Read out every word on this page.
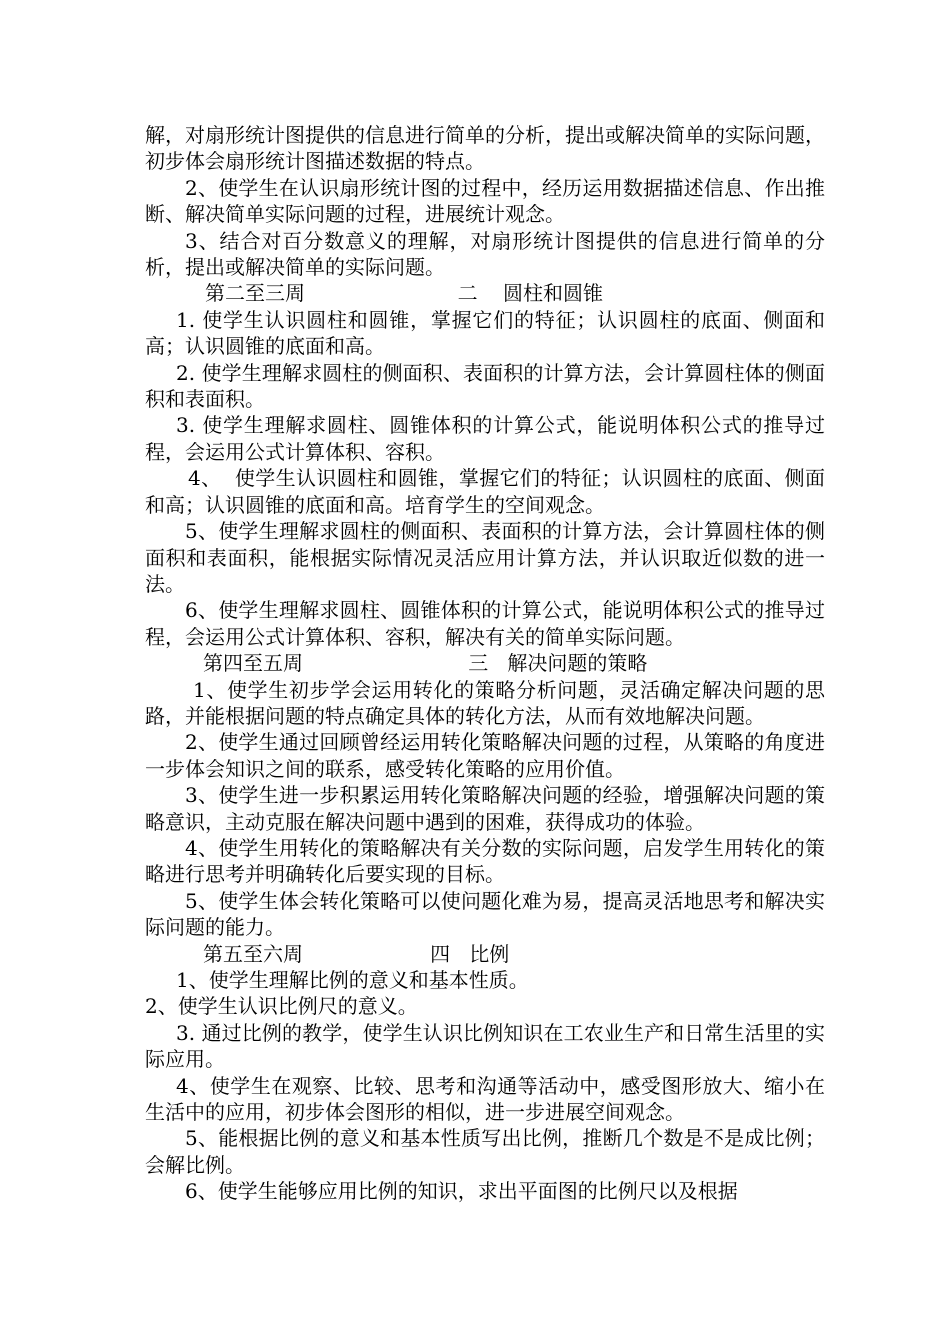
解，对扇形统计图提供的信息进行简单的分析，提出或解决简单的实际问题，初步体会扇形统计图描述数据的特点。

2、使学生在认识扇形统计图的过程中，经历运用数据描述信息、作出推断、解决简单实际问题的过程，进展统计观念。

3、结合对百分数意义的理解，对扇形统计图提供的信息进行简单的分析，提出或解决简单的实际问题。

第二至三周                        二    圆柱和圆锥

1. 使学生认识圆柱和圆锥，掌握它们的特征；认识圆柱的底面、侧面和高；认识圆锥的底面和高。

2. 使学生理解求圆柱的侧面积、表面积的计算方法，会计算圆柱体的侧面积和表面积。

3. 使学生理解求圆柱、圆锥体积的计算公式，能说明体积公式的推导过程，会运用公式计算体积、容积。

4、  使学生认识圆柱和圆锥，掌握它们的特征；认识圆柱的底面、侧面和高；认识圆锥的底面和高。培育学生的空间观念。

5、使学生理解求圆柱的侧面积、表面积的计算方法，会计算圆柱体的侧面积和表面积，能根据实际情况灵活应用计算方法，并认识取近似数的进一法。

6、使学生理解求圆柱、圆锥体积的计算公式，能说明体积公式的推导过程，会运用公式计算体积、容积，解决有关的简单实际问题。

第四至五周                          三   解决问题的策略

1、使学生初步学会运用转化的策略分析问题，灵活确定解决问题的思路，并能根据问题的特点确定具体的转化方法，从而有效地解决问题。

2、使学生通过回顾曾经运用转化策略解决问题的过程，从策略的角度进一步体会知识之间的联系，感受转化策略的应用价值。

3、使学生进一步积累运用转化策略解决问题的经验，增强解决问题的策略意识，主动克服在解决问题中遇到的困难，获得成功的体验。

4、使学生用转化的策略解决有关分数的实际问题，启发学生用转化的策略进行思考并明确转化后要实现的目标。

5、使学生体会转化策略可以使问题化难为易，提高灵活地思考和解决实际问题的能力。

第五至六周                    四   比例

1、使学生理解比例的意义和基本性质。

2、使学生认识比例尺的意义。

3. 通过比例的教学，使学生认识比例知识在工农业生产和日常生活里的实际应用。

4、使学生在观察、比较、思考和沟通等活动中，感受图形放大、缩小在生活中的应用，初步体会图形的相似，进一步进展空间观念。

5、能根据比例的意义和基本性质写出比例，推断几个数是不是成比例；会解比例。

6、使学生能够应用比例的知识，求出平面图的比例尺以及根据
